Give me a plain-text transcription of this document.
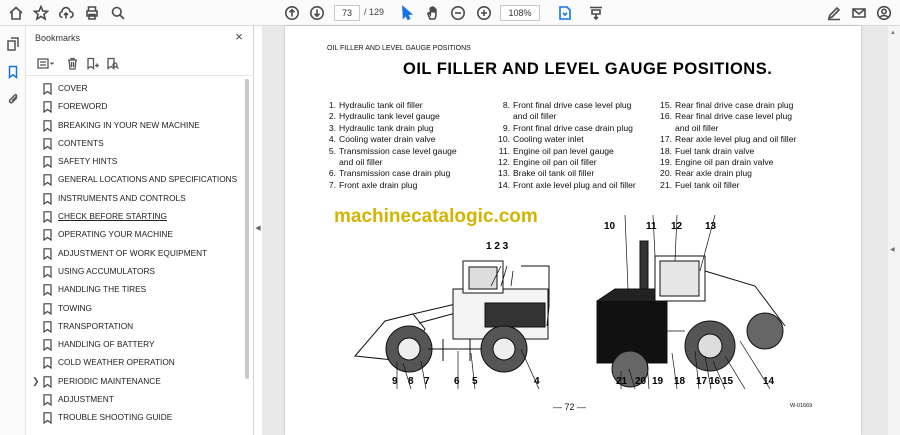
73	/ 129	108%
Bookmarks	×
COVER
FOREWORD
BREAKING IN YOUR NEW MACHINE
CONTENTS
SAFETY HINTS
GENERAL LOCATIONS AND SPECIFICATIONS
INSTRUMENTS AND CONTROLS
CHECK BEFORE STARTING
OPERATING YOUR MACHINE
ADJUSTMENT OF WORK EQUIPMENT
USING ACCUMULATORS
HANDLING THE TIRES
TOWING
TRANSPORTATION
HANDLING OF BATTERY
COLD WEATHER OPERATION
❯ PERIODIC MAINTENANCE
ADJUSTMENT
TROUBLE SHOOTING GUIDE
◀
▲
◀
OIL FILLER AND LEVEL GAUGE POSITIONS
OIL FILLER AND LEVEL GAUGE POSITIONS.
1. Hydraulic tank oil filler
2. Hydraulic tank level gauge
3. Hydraulic tank drain plug
4. Cooling water drain valve
5. Transmission case level gauge
and oil filler
6. Transmission case drain plug
7. Front axle drain plug
8. Front final drive case level plug
and oil filler
9. Front final drive case drain plug
10. Cooling water inlet
11. Engine oil pan level gauge
12. Engine oil pan oil filler
13. Brake oil tank oil filler
14. Front axle level plug and oil filler
15. Rear final drive case drain plug
16. Rear final drive case level plug
and oil filler
17. Rear axle level plug and oil filler
18. Fuel tank drain valve
19. Engine oil pan drain valve
20. Rear axle drain plug
21. Fuel tank oil filler
machinecatalogic.com
1 2 3
9 8 7 6 5	4
10	11 12 13
21 20 19 18 17 16 15	14
— 72 —	W-01669
